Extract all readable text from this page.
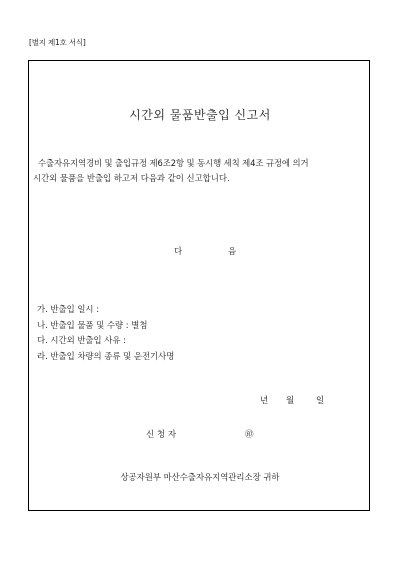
[별지 제1호 서식]
시간외 물품반출입 신고서
수출자유지역경비 및 출입규정 제6조2항 및 동시행 세칙 제4조 규정에 의거
시간외 물품을 반출입 하고저 다음과 같이 신고합니다.
다	음
가. 반출입 일시 :
나. 반출입 물품 및 수량 : 별첨
다. 시간외 반출입 사유 :
라. 반출입 차량의 종류 및 운전기사명
년 월	일
신 청 자	㊞
상공자원부 마산수출자유지역관리소장 귀하
